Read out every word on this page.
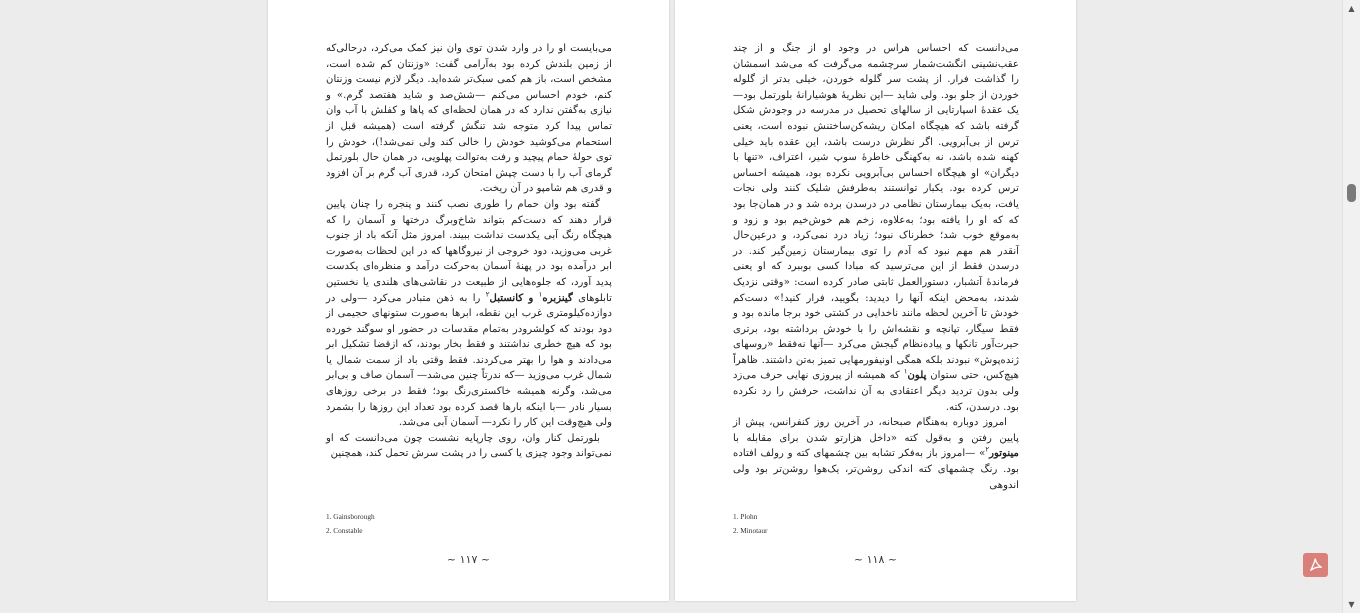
می‌بایست او را در وارد شدن توی وان نیز کمک می‌کرد، درحالی‌که از زمین بلندش کرده بود به‌آرامی گفت: «وزنتان کم شده است، مشخص است، باز هم کمی سبک‌تر شده‌اید. دیگر لازم نیست وزنتان کنم، خودم احساس می‌کنم —شش‌صد و شاید هفتصد گرم.» و نیازی به‌گفتن ندارد که در همان لحظه‌ای که پاها و کفلش با آب وان تماس پیدا کرد متوجه شد تنگش گرفته است (همیشه قبل از استحمام می‌کوشید خودش را خالی کند ولی نمی‌شد!)، خودش را توی حولهٔ حمام پیچید و رفت به‌توالت پهلویی، در همان حال بلورتمل گرمای آب را با دست چپش امتحان کرد، قدری آب گرم بر آن افزود و قدری هم شامپو در آن ریخت.

گفته بود وان حمام را طوری نصب کنند و پنجره را چنان پایین قرار دهند که دست‌کم بتواند شاخ‌وبرگ درختها و آسمان را که هیچگاه رنگ آبی یکدست نداشت ببیند. امروز مثل آنکه باد از جنوب غربی می‌وزید، دود خروجی از نیروگاهها که در این لحظات به‌صورت ابر درآمده بود در پهنهٔ آسمان به‌حرکت درآمد و منظره‌ای یکدست پدید آورد، که جلوه‌هایی از طبیعت در نقاشی‌های هلندی یا نخستین تابلوهای گینزبره$^۱$ و کانستبل$^۲$ را به ذهن متبادر می‌کرد —ولی در دوازده‌کیلومتری غرب این نقطه، ابرها به‌صورت ستونهای حجیمی از دود بودند که کولشرودر به‌تمام مقدسات در حضور او سوگند خورده بود که هیچ خطری نداشتند و فقط بخار بودند، که ازقضا تشکیل ابر می‌دادند و هوا را بهتر می‌کردند. فقط وقتی باد از سمت شمال یا شمال غرب می‌وزید —که ندرتاً چنین می‌شد— آسمان صاف و بی‌ابر می‌شد، وگرنه همیشه خاکستری‌رنگ بود؛ فقط در برخی روزهای بسیار نادر —با اینکه بارها قصد کرده بود تعداد این روزها را بشمرد ولی هیچ‌وقت این کار را نکرد— آسمان آبی می‌شد.

بلورتمل کنار وان، روی چارپایه نشست چون می‌دانست که او نمی‌تواند وجود چیزی یا کسی را در پشت سرش تحمل کند، همچنین

1. Gainsborough
2. Constable
~ ۱۱۷ ~

می‌دانست که احساس هراس در وجود او از جنگ و از چند عقب‌نشینی انگشت‌شمار سرچشمه می‌گرفت که می‌شد اسمشان را گذاشت فرار. از پشت سر گلوله خوردن، خیلی بدتر از گلوله خوردن از جلو بود. ولی شاید —این نظریهٔ هوشیارانهٔ بلورتمل بود— یک عقدهٔ اسپارتایی از سالهای تحصیل در مدرسه در وجودش شکل گرفته باشد که هیچگاه امکان ریشه‌کن‌ساختنش نبوده است، یعنی ترس از بی‌آبرویی. اگر نظرش درست باشد، این عقده باید خیلی کهنه شده باشد، نه به‌کهنگی خاطرهٔ سوپ شیر، اعتراف، «تنها با دیگران» او هیچگاه احساس بی‌آبرویی نکرده بود، همیشه احساس ترس کرده بود. یکبار توانستند به‌طرفش شلیک کنند ولی نجات یافت، به‌یک بیمارستان نظامی در درسدن برده شد و در همان‌جا بود که که او را یافته بود؛ به‌علاوه، زخم هم خوش‌خیم بود و زود و به‌موقع خوب شد؛ خطرناک نبود؛ زیاد درد نمی‌کرد، و درعین‌حال آنقدر هم مهم نبود که آدم را توی بیمارستان زمین‌گیر کند. در درسدن فقط از این می‌ترسید که مبادا کسی بوببرد که او یعنی فرماندهٔ آتشبار، دستورالعمل ثابتی صادر کرده است: «وقتی نزدیک شدند، به‌محض اینکه آنها را دیدید: بگویید، فرار کنید!» دست‌کم خودش تا آخرین لحظه مانند ناخدایی در کشتی خود برجا مانده بود و فقط سیگار، تپانچه و نقشه‌اش را با خودش برداشته بود، برتری حیرت‌آور تانکها و پیاده‌نظام گیجش می‌کرد —آنها نه‌فقط «روسهای ژنده‌پوش» نبودند بلکه همگی اونیفورمهایی تمیز به‌تن داشتند. ظاهراً هیچ‌کس، حتی ستوان پلون$^۱$ که همیشه از پیروزی نهایی حرف می‌زد ولی بدون تردید دیگر اعتقادی به آن نداشت، حرفش را رد نکرده بود. درسدن، کته.

امروز دوباره به‌هنگام صبحانه، در آخرین روز کنفرانس، پیش از پایین رفتن و به‌قول کته «داخل هزارتو شدن برای مقابله با مینوتور$^۲$» —امروز باز به‌فکر تشابه بین چشمهای کته و رولف افتاده بود. رنگ چشمهای کته اندکی روشن‌تر، یک‌هوا روشن‌تر بود ولی اندوهی

1. Plohn
2. Minotaur
~ ۱۱۸ ~
▲
▼
